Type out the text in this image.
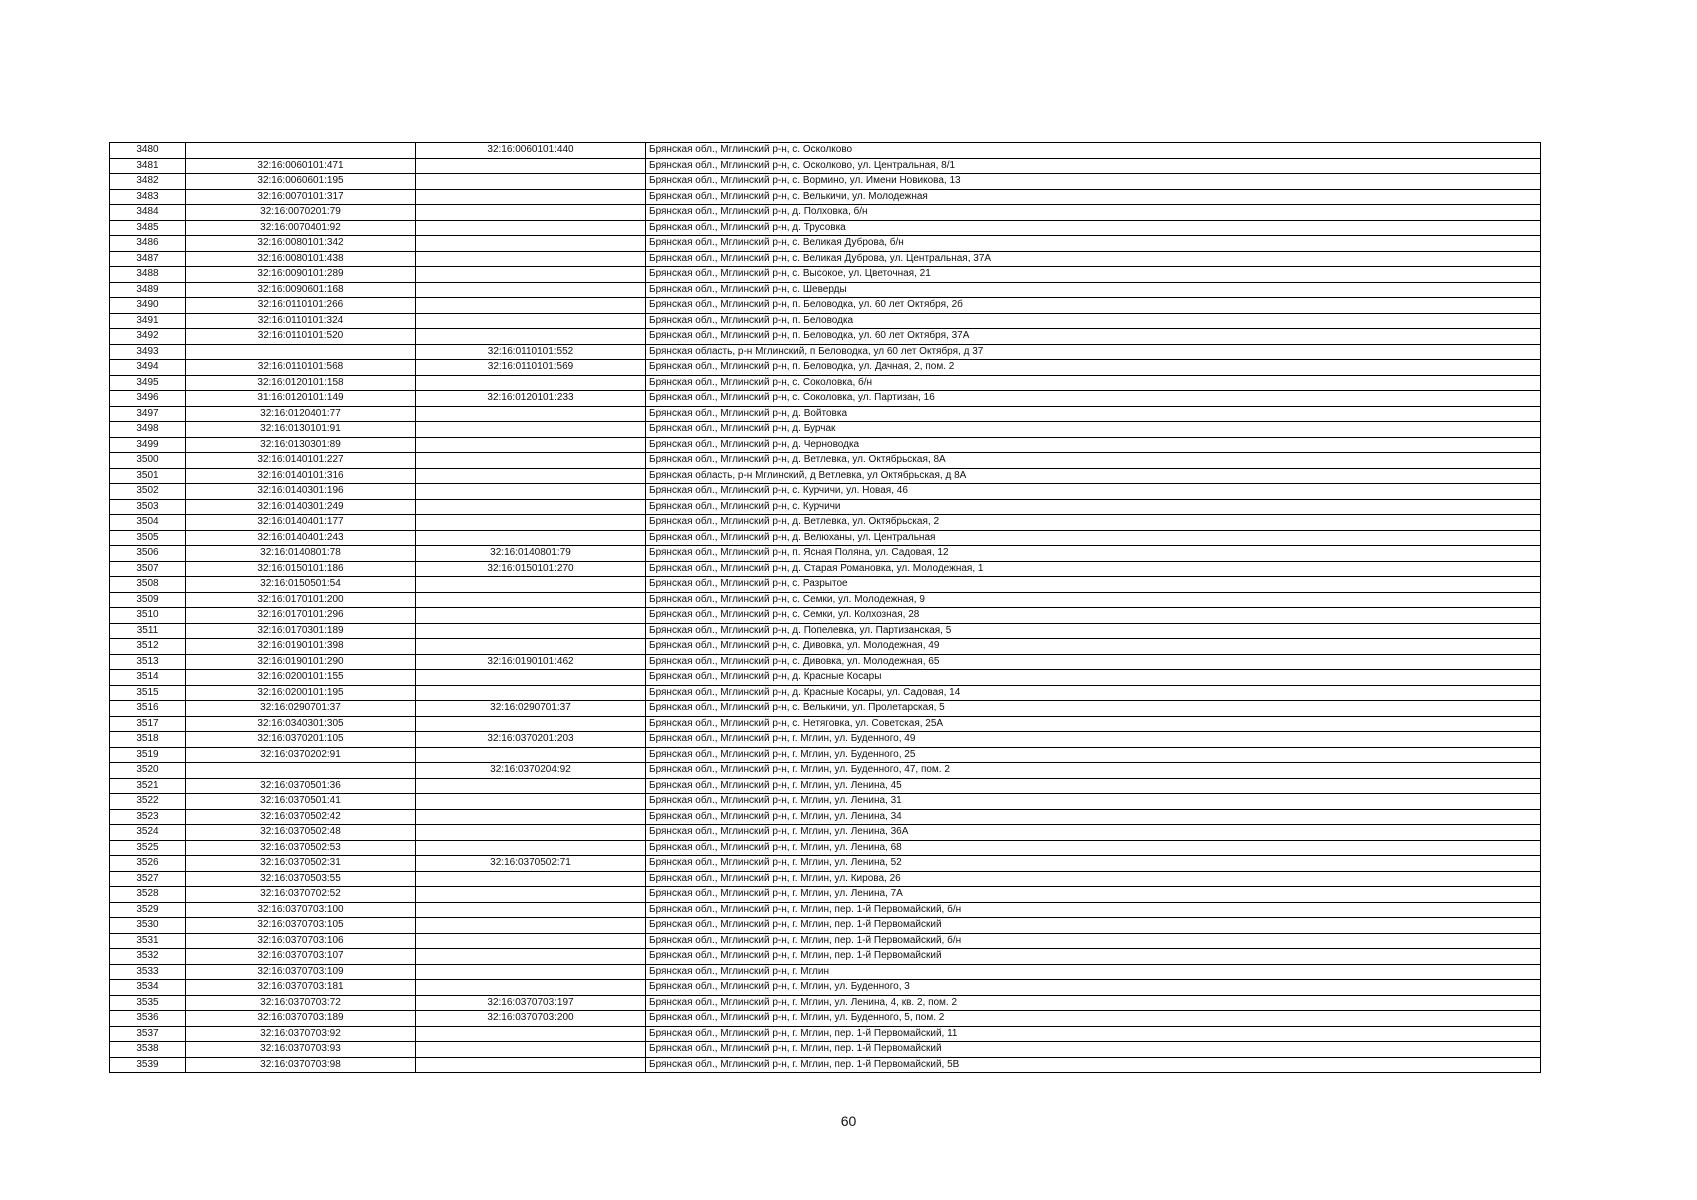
3480		32:16:0060101:440	Брянская обл., Мглинский р-н, с. Осколково
3481	32:16:0060101:471		Брянская обл., Мглинский р-н, с. Осколково, ул. Центральная, 8/1
3482	32:16:0060601:195		Брянская обл., Мглинский р-н, с. Вормино, ул. Имени Новикова, 13
3483	32:16:0070101:317		Брянская обл., Мглинский р-н, с. Велькичи, ул. Молодежная
3484	32:16:0070201:79		Брянская обл., Мглинский р-н, д. Полховка, б/н
3485	32:16:0070401:92		Брянская обл., Мглинский р-н, д. Трусовка
3486	32:16:0080101:342		Брянская обл., Мглинский р-н, с. Великая Дуброва, б/н
3487	32:16:0080101:438		Брянская обл., Мглинский р-н, с. Великая Дуброва, ул. Центральная, 37А
3488	32:16:0090101:289		Брянская обл., Мглинский р-н, с. Высокое, ул. Цветочная, 21
3489	32:16:0090601:168		Брянская обл., Мглинский р-н, с. Шеверды
3490	32:16:0110101:266		Брянская обл., Мглинский р-н, п. Беловодка, ул. 60 лет Октября, 2б
3491	32:16:0110101:324		Брянская обл., Мглинский р-н, п. Беловодка
3492	32:16:0110101:520		Брянская обл., Мглинский р-н, п. Беловодка, ул. 60 лет Октября, 37А
3493		32:16:0110101:552	Брянская область, р-н Мглинский, п Беловодка, ул 60 лет Октября, д 37
3494	32:16:0110101:568	32:16:0110101:569	Брянская обл., Мглинский р-н, п. Беловодка, ул. Дачная, 2, пом. 2
3495	32:16:0120101:158		Брянская обл., Мглинский р-н, с. Соколовка, б/н
3496	31:16:0120101:149	32:16:0120101:233	Брянская обл., Мглинский р-н, с. Соколовка, ул. Партизан, 16
3497	32:16:0120401:77		Брянская обл., Мглинский р-н, д. Войтовка
3498	32:16:0130101:91		Брянская обл., Мглинский р-н, д. Бурчак
3499	32:16:0130301:89		Брянская обл., Мглинский р-н, д. Черноводка
3500	32:16:0140101:227		Брянская обл., Мглинский р-н, д. Ветлевка, ул. Октябрьская, 8А
3501	32:16:0140101:316		Брянская область, р-н Мглинский, д Ветлевка, ул Октябрьская, д 8А
3502	32:16:0140301:196		Брянская обл., Мглинский р-н, с. Курчичи, ул. Новая, 46
3503	32:16:0140301:249		Брянская обл., Мглинский р-н, с. Курчичи
3504	32:16:0140401:177		Брянская обл., Мглинский р-н, д. Ветлевка, ул. Октябрьская, 2
3505	32:16:0140401:243		Брянская обл., Мглинский р-н, д. Велюханы, ул. Центральная
3506	32:16:0140801:78	32:16:0140801:79	Брянская обл., Мглинский р-н, п. Ясная Поляна, ул. Садовая, 12
3507	32:16:0150101:186	32:16:0150101:270	Брянская обл., Мглинский р-н, д. Старая Романовка, ул. Молодежная, 1
3508	32:16:0150501:54		Брянская обл., Мглинский р-н, с. Разрытое
3509	32:16:0170101:200		Брянская обл., Мглинский р-н, с. Семки, ул. Молодежная, 9
3510	32:16:0170101:296		Брянская обл., Мглинский р-н, с. Семки, ул. Колхозная, 28
3511	32:16:0170301:189		Брянская обл., Мглинский р-н, д. Попелевка, ул. Партизанская, 5
3512	32:16:0190101:398		Брянская обл., Мглинский р-н, с. Дивовка, ул. Молодежная, 49
3513	32:16:0190101:290	32:16:0190101:462	Брянская обл., Мглинский р-н, с. Дивовка, ул. Молодежная, 65
3514	32:16:0200101:155		Брянская обл., Мглинский р-н, д. Красные Косары
3515	32:16:0200101:195		Брянская обл., Мглинский р-н, д. Красные Косары, ул. Садовая, 14
3516	32:16:0290701:37	32:16:0290701:37	Брянская обл., Мглинский р-н, с. Велькичи, ул. Пролетарская, 5
3517	32:16:0340301:305		Брянская обл., Мглинский р-н, с. Нетяговка, ул. Советская, 25А
3518	32:16:0370201:105	32:16:0370201:203	Брянская обл., Мглинский р-н, г. Мглин, ул. Буденного, 49
3519	32:16:0370202:91		Брянская обл., Мглинский р-н, г. Мглин, ул. Буденного, 25
3520		32:16:0370204:92	Брянская обл., Мглинский р-н, г. Мглин, ул. Буденного, 47, пом. 2
3521	32:16:0370501:36		Брянская обл., Мглинский р-н, г. Мглин, ул. Ленина, 45
3522	32:16:0370501:41		Брянская обл., Мглинский р-н, г. Мглин, ул. Ленина, 31
3523	32:16:0370502:42		Брянская обл., Мглинский р-н, г. Мглин, ул. Ленина, 34
3524	32:16:0370502:48		Брянская обл., Мглинский р-н, г. Мглин, ул. Ленина, 36А
3525	32:16:0370502:53		Брянская обл., Мглинский р-н, г. Мглин, ул. Ленина, 68
3526	32:16:0370502:31	32:16:0370502:71	Брянская обл., Мглинский р-н, г. Мглин, ул. Ленина, 52
3527	32:16:0370503:55		Брянская обл., Мглинский р-н, г. Мглин, ул. Кирова, 26
3528	32:16:0370702:52		Брянская обл., Мглинский р-н, г. Мглин, ул. Ленина, 7А
3529	32:16:0370703:100		Брянская обл., Мглинский р-н, г. Мглин, пер. 1-й Первомайский, б/н
3530	32:16:0370703:105		Брянская обл., Мглинский р-н, г. Мглин, пер. 1-й Первомайский
3531	32:16:0370703:106		Брянская обл., Мглинский р-н, г. Мглин, пер. 1-й Первомайский, б/н
3532	32:16:0370703:107		Брянская обл., Мглинский р-н, г. Мглин, пер. 1-й Первомайский
3533	32:16:0370703:109		Брянская обл., Мглинский р-н, г. Мглин
3534	32:16:0370703:181		Брянская обл., Мглинский р-н, г. Мглин, ул. Буденного, 3
3535	32:16:0370703:72	32:16:0370703:197	Брянская обл., Мглинский р-н, г. Мглин, ул. Ленина, 4, кв. 2, пом. 2
3536	32:16:0370703:189	32:16:0370703:200	Брянская обл., Мглинский р-н, г. Мглин, ул. Буденного, 5, пом. 2
3537	32:16:0370703:92		Брянская обл., Мглинский р-н, г. Мглин, пер. 1-й Первомайский, 11
3538	32:16:0370703:93		Брянская обл., Мглинский р-н, г. Мглин, пер. 1-й Первомайский
3539	32:16:0370703:98		Брянская обл., Мглинский р-н, г. Мглин, пер. 1-й Первомайский, 5В
60
